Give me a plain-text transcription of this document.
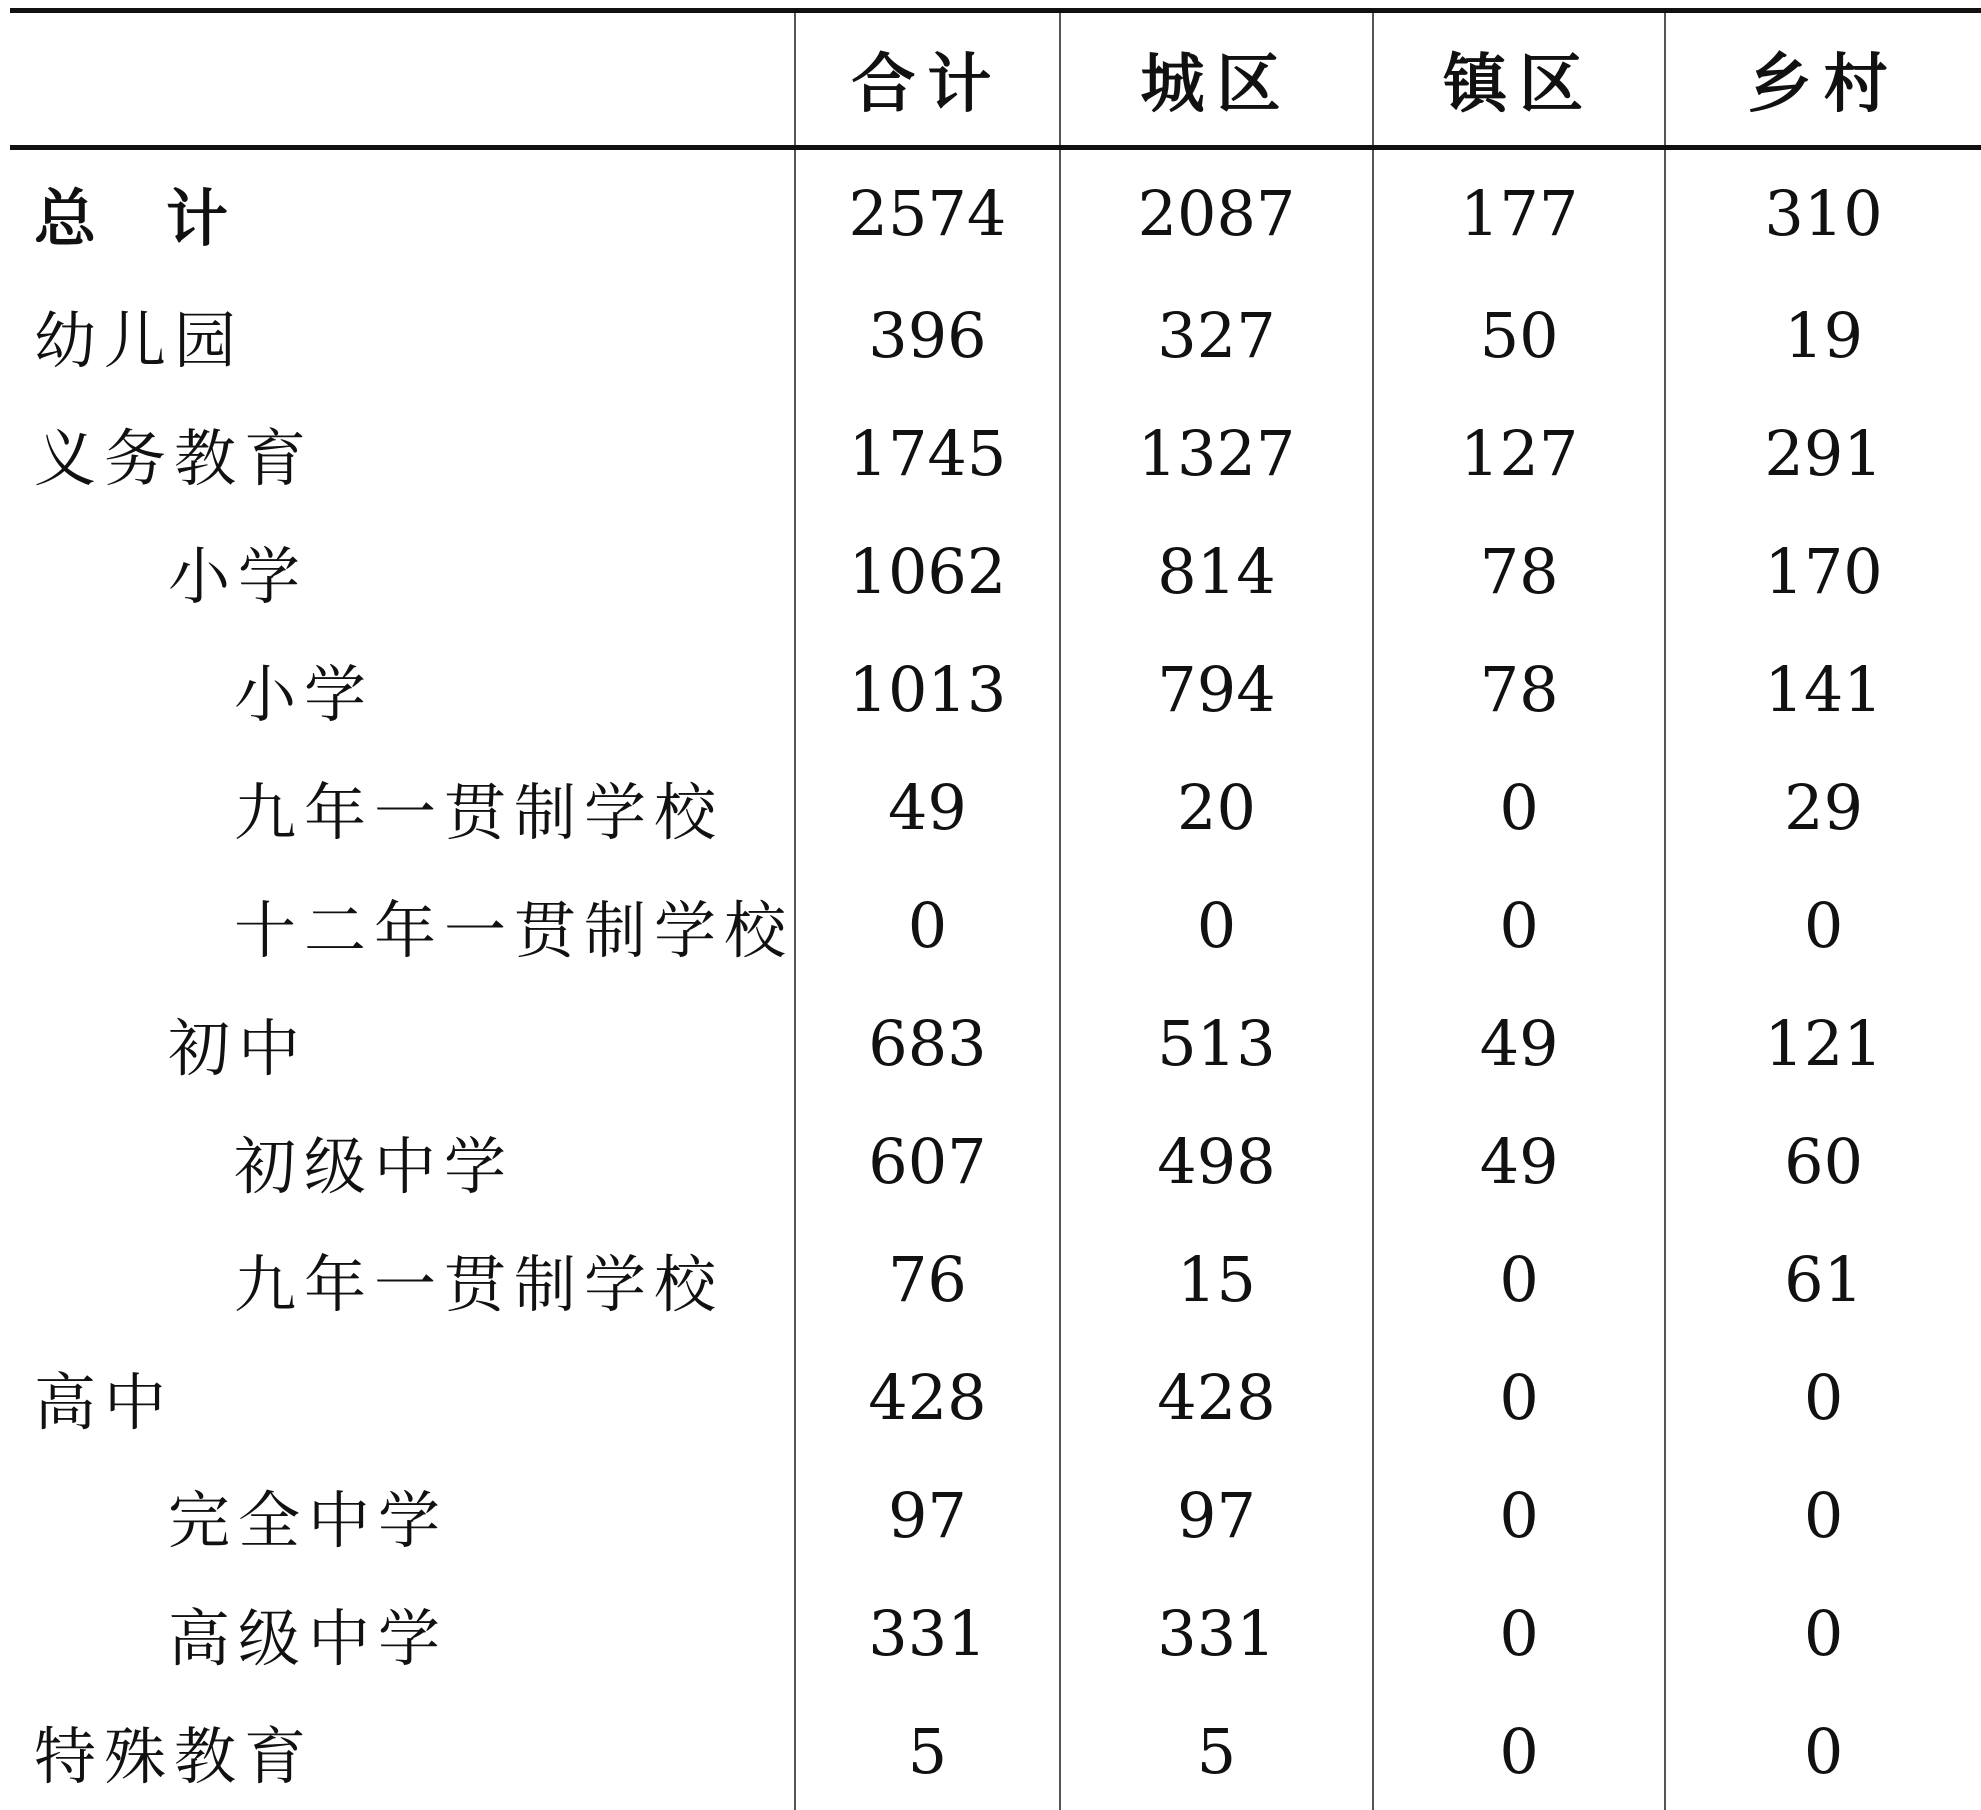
	合计	城区	镇区	乡村
总计	2574	2087	177	310
幼儿园	396	327	50	19
义务教育	1745	1327	127	291
小学	1062	814	78	170
小学	1013	794	78	141
九年一贯制学校	49	20	0	29
十二年一贯制学校	0	0	0	0
初中	683	513	49	121
初级中学	607	498	49	60
九年一贯制学校	76	15	0	61
高中	428	428	0	0
完全中学	97	97	0	0
高级中学	331	331	0	0
特殊教育	5	5	0	0
